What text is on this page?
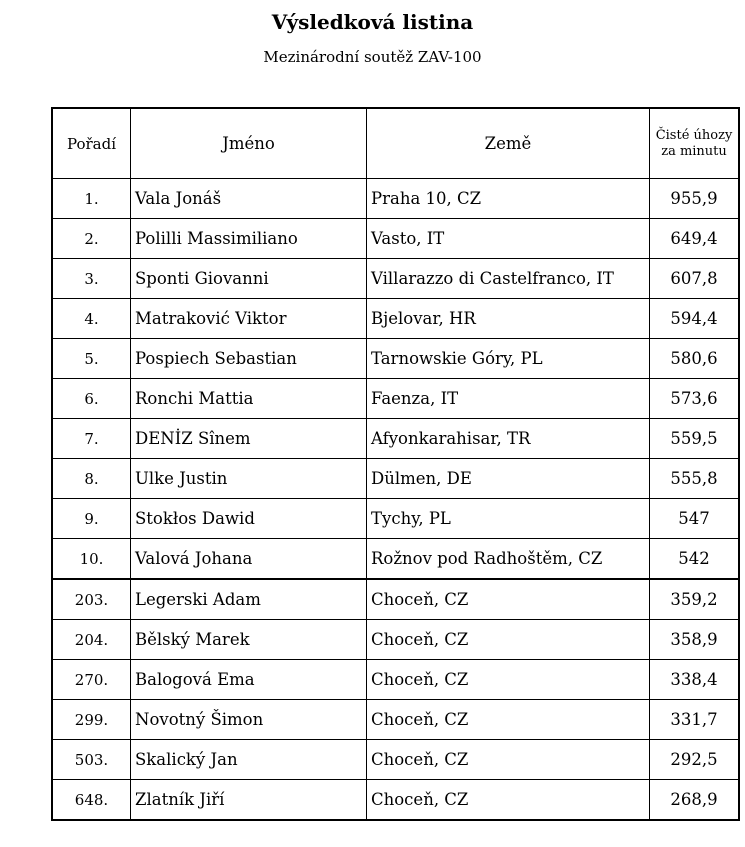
Výsledková listina
Mezinárodní soutěž ZAV-100
Pořadí	Jméno	Země	Čisté úhozy za minutu
1.	Vala Jonáš	Praha 10, CZ	955,9
2.	Polilli Massimiliano	Vasto, IT	649,4
3.	Sponti Giovanni	Villarazzo di Castelfranco, IT	607,8
4.	Matraković Viktor	Bjelovar, HR	594,4
5.	Pospiech Sebastian	Tarnowskie Góry, PL	580,6
6.	Ronchi Mattia	Faenza, IT	573,6
7.	DENİZ Sînem	Afyonkarahisar, TR	559,5
8.	Ulke Justin	Dülmen, DE	555,8
9.	Stokłos Dawid	Tychy, PL	547
10.	Valová Johana	Rožnov pod Radhoštěm, CZ	542
203.	Legerski Adam	Choceň, CZ	359,2
204.	Bělský Marek	Choceň, CZ	358,9
270.	Balogová Ema	Choceň, CZ	338,4
299.	Novotný Šimon	Choceň, CZ	331,7
503.	Skalický Jan	Choceň, CZ	292,5
648.	Zlatník Jiří	Choceň, CZ	268,9
